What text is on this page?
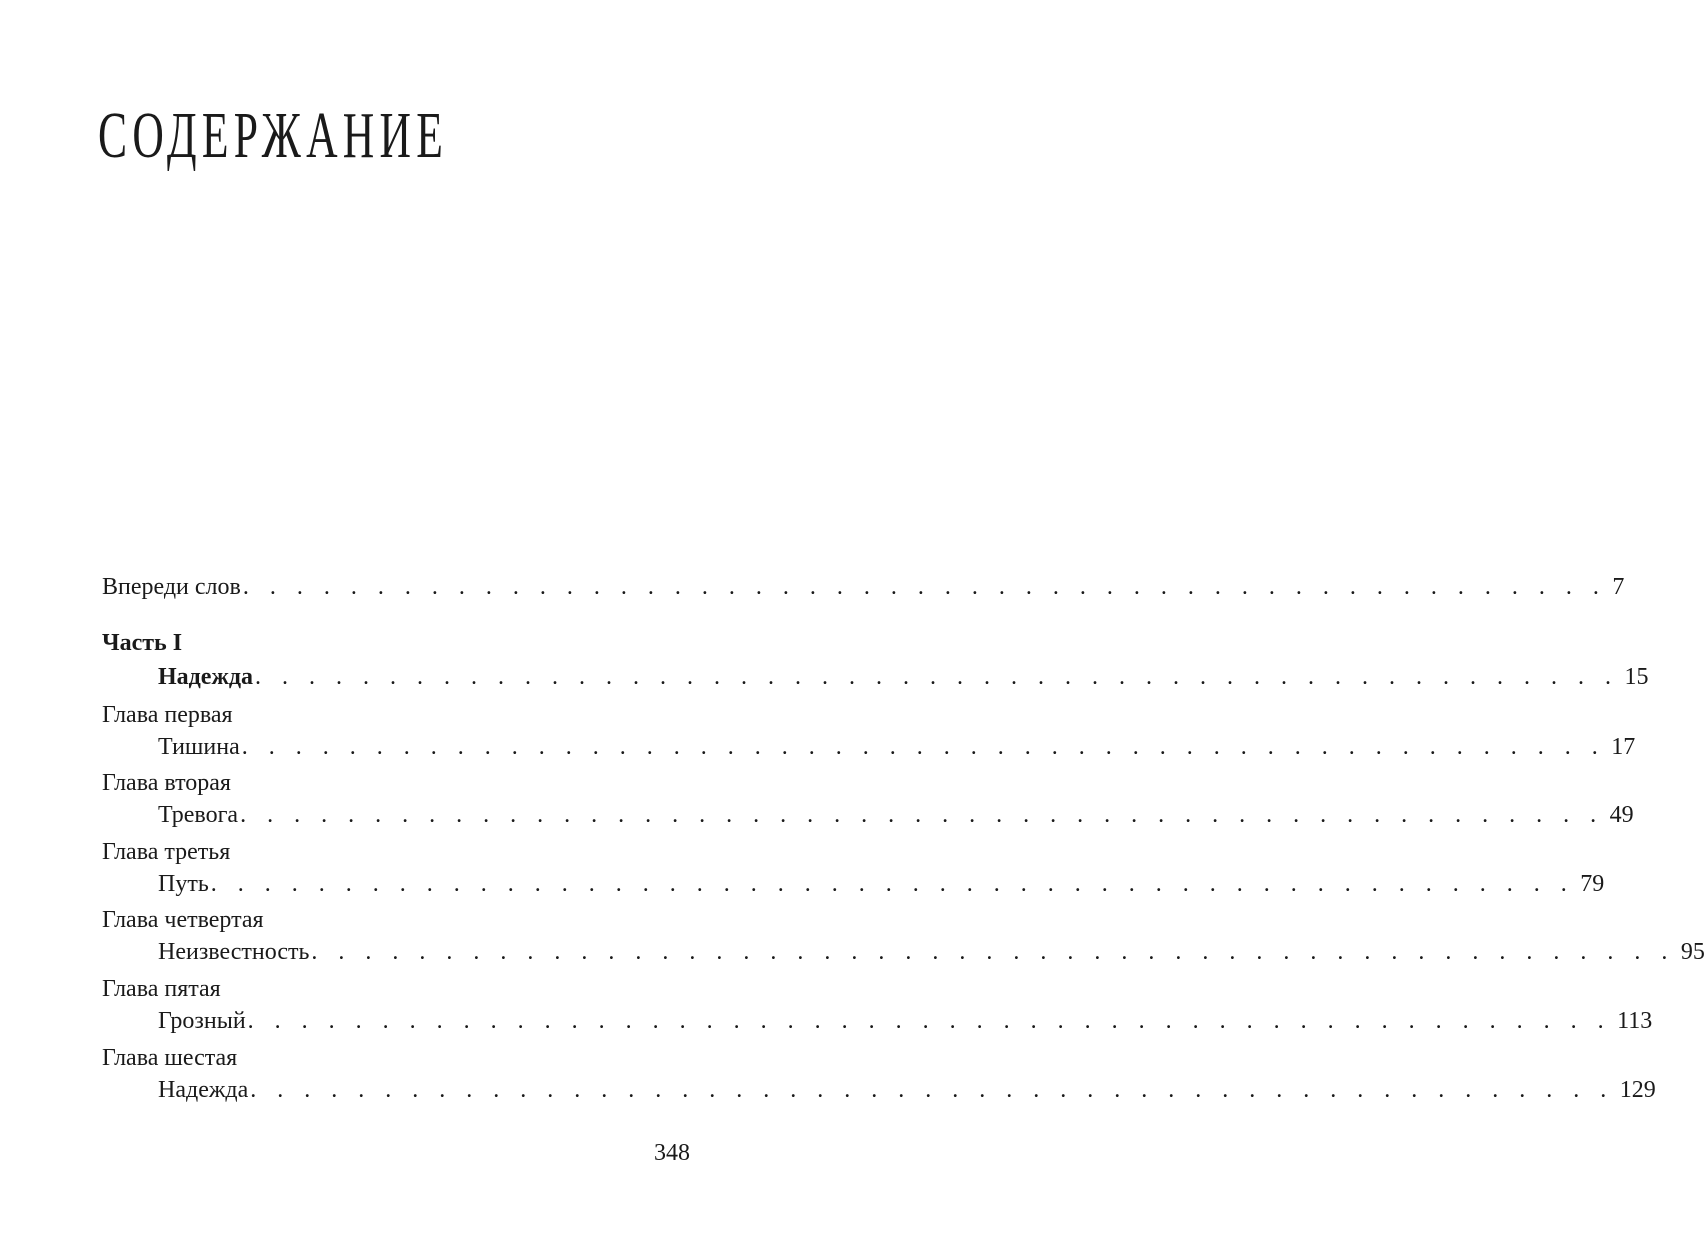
СОДЕРЖАНИЕ
Впереди слов . . . . . . . . . . . . . . . . . . . . . . . . . . . . . . . . . . . . . . . . . . . . . . . . . . . 7
Часть I
Надежда . . . . . . . . . . . . . . . . . . . . . . . . . . . . . . . . . . . . . . . . . . . . . . . . . . . 15
Глава первая
Тишина . . . . . . . . . . . . . . . . . . . . . . . . . . . . . . . . . . . . . . . . . . . . . . . . . . . 17
Глава вторая
Тревога . . . . . . . . . . . . . . . . . . . . . . . . . . . . . . . . . . . . . . . . . . . . . . . . . . . 49
Глава третья
Путь . . . . . . . . . . . . . . . . . . . . . . . . . . . . . . . . . . . . . . . . . . . . . . . . . . . 79
Глава четвертая
Неизвестность . . . . . . . . . . . . . . . . . . . . . . . . . . . . . . . . . . . . . . . . . . . . . . . . . . . 95
Глава пятая
Грозный . . . . . . . . . . . . . . . . . . . . . . . . . . . . . . . . . . . . . . . . . . . . . . . . . . . 113
Глава шестая
Надежда . . . . . . . . . . . . . . . . . . . . . . . . . . . . . . . . . . . . . . . . . . . . . . . . . . . 129
348
